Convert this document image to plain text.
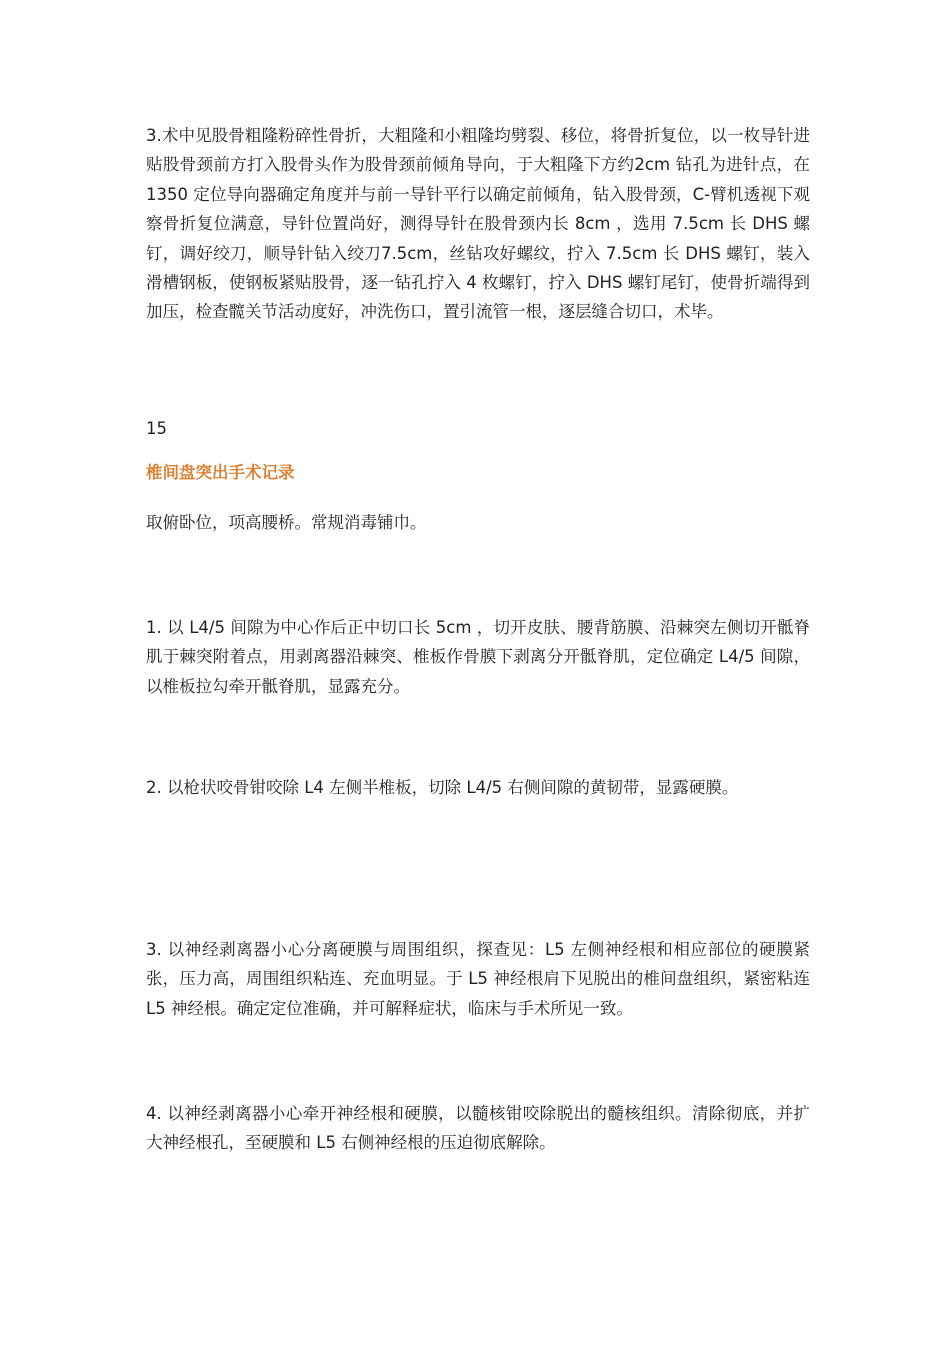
3.术中见股骨粗隆粉碎性骨折，大粗隆和小粗隆均劈裂、移位，将骨折复位，以一枚导针进贴股骨颈前方打入股骨头作为股骨颈前倾角导向，于大粗隆下方约2cm 钻孔为进针点，在 1350 定位导向器确定角度并与前一导针平行以确定前倾角，钻入股骨颈，C-臂机透视下观察骨折复位满意，导针位置尚好，测得导针在股骨颈内长 8cm ，选用 7.5cm 长 DHS 螺钉，调好绞刀，顺导针钻入绞刀7.5cm，丝钻攻好螺纹，拧入 7.5cm 长 DHS 螺钉，装入滑槽钢板，使钢板紧贴股骨，逐一钻孔拧入 4 枚螺钉，拧入 DHS 螺钉尾钉，使骨折端得到加压，检查髋关节活动度好，冲洗伤口，置引流管一根，逐层缝合切口，术毕。

15

椎间盘突出手术记录

取俯卧位，项高腰桥。常规消毒铺巾。

1. 以 L4/5 间隙为中心作后正中切口长 5cm ，切开皮肤、腰背筋膜、沿棘突左侧切开骶脊肌于棘突附着点，用剥离器沿棘突、椎板作骨膜下剥离分开骶脊肌，定位确定 L4/5 间隙，以椎板拉勾牵开骶脊肌，显露充分。

2. 以枪状咬骨钳咬除 L4 左侧半椎板，切除 L4/5 右侧间隙的黄韧带，显露硬膜。

3. 以神经剥离器小心分离硬膜与周围组织，探查见：L5 左侧神经根和相应部位的硬膜紧张，压力高，周围组织粘连、充血明显。于 L5 神经根肩下见脱出的椎间盘组织，紧密粘连 L5 神经根。确定定位准确，并可解释症状，临床与手术所见一致。

4. 以神经剥离器小心牵开神经根和硬膜，以髓核钳咬除脱出的髓核组织。清除彻底，并扩大神经根孔，至硬膜和 L5 右侧神经根的压迫彻底解除。
